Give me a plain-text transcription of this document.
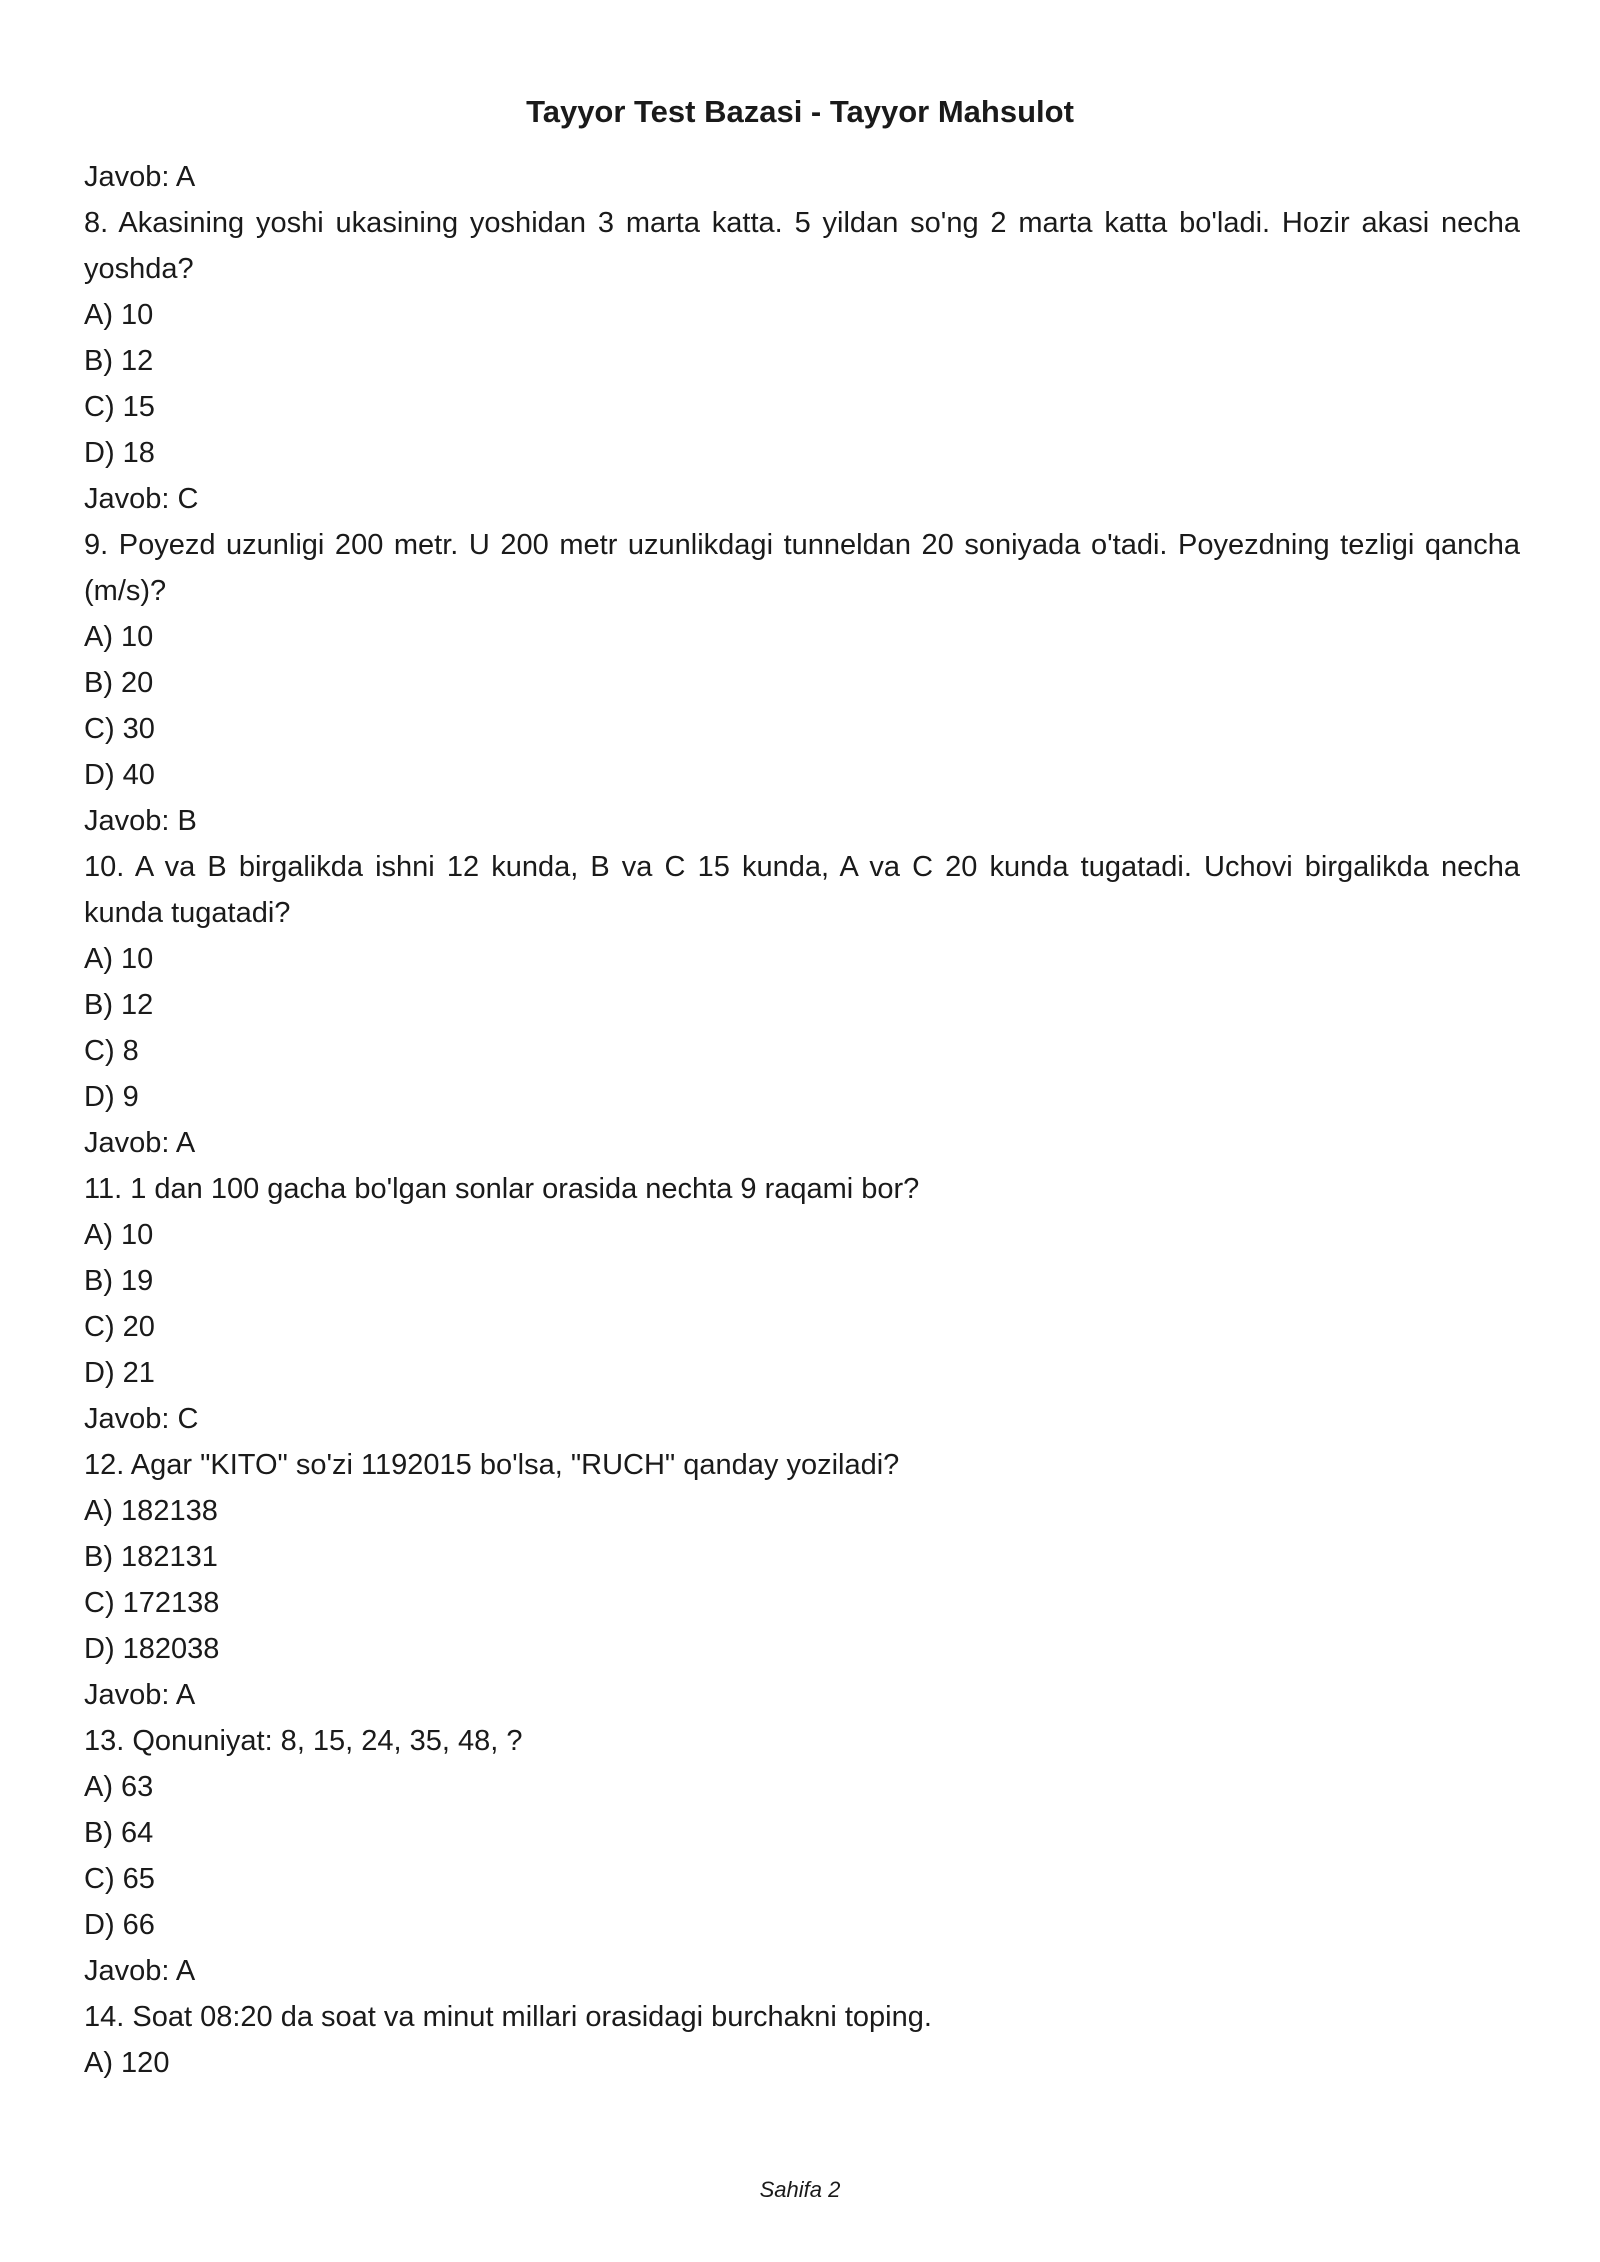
Tayyor Test Bazasi - Tayyor Mahsulot

Javob: A

8. Akasining yoshi ukasining yoshidan 3 marta katta. 5 yildan so'ng 2 marta katta bo'ladi. Hozir akasi necha yoshda?

A) 10

B) 12

C) 15

D) 18

Javob: C

9. Poyezd uzunligi 200 metr. U 200 metr uzunlikdagi tunneldan 20 soniyada o'tadi. Poyezdning tezligi qancha (m/s)?

A) 10

B) 20

C) 30

D) 40

Javob: B

10. A va B birgalikda ishni 12 kunda, B va C 15 kunda, A va C 20 kunda tugatadi. Uchovi birgalikda necha kunda tugatadi?

A) 10

B) 12

C) 8

D) 9

Javob: A

11. 1 dan 100 gacha bo'lgan sonlar orasida nechta 9 raqami bor?

A) 10

B) 19

C) 20

D) 21

Javob: C

12. Agar "KITO" so'zi 1192015 bo'lsa, "RUCH" qanday yoziladi?

A) 182138

B) 182131

C) 172138

D) 182038

Javob: A

13. Qonuniyat: 8, 15, 24, 35, 48, ?

A) 63

B) 64

C) 65

D) 66

Javob: A

14. Soat 08:20 da soat va minut millari orasidagi burchakni toping.

A) 120

Sahifa 2
